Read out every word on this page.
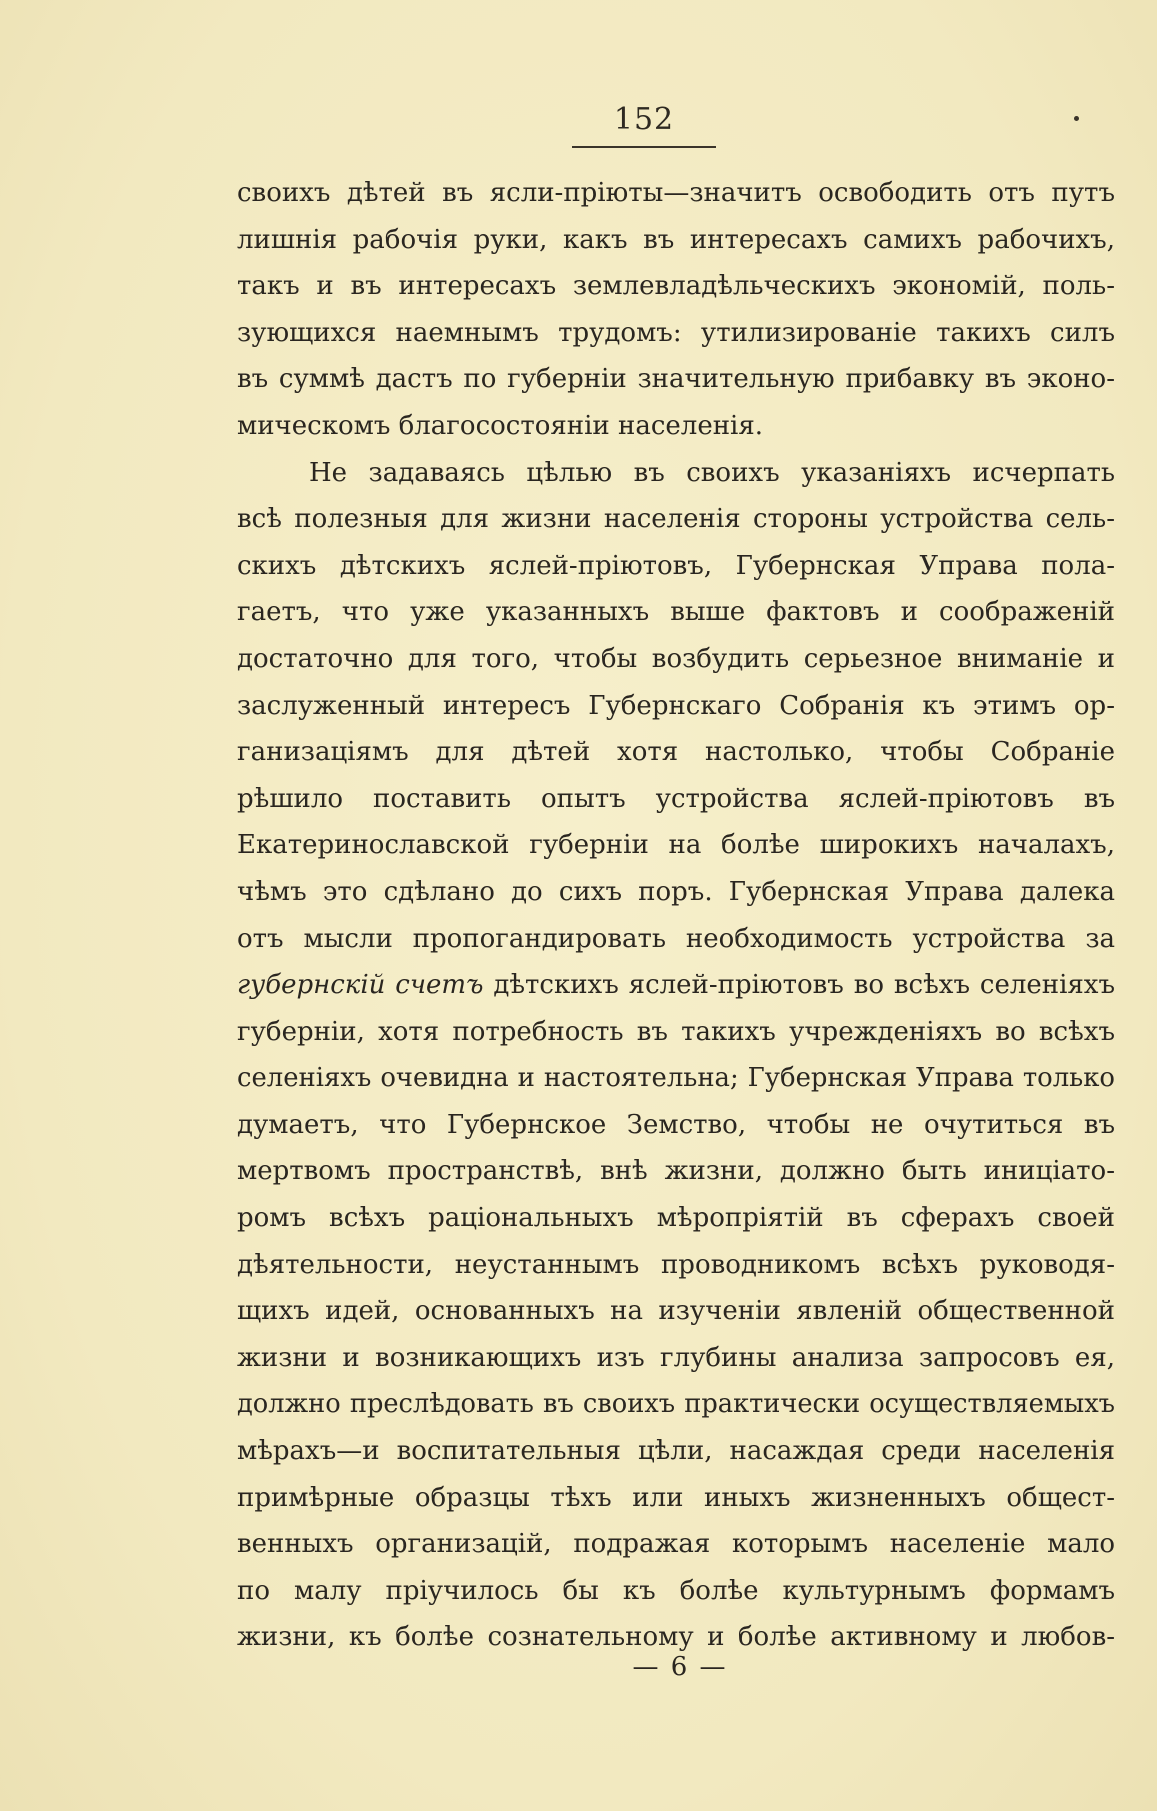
152
своихъ дѣтей въ ясли-пріюты—значитъ освободить отъ путъ
лишнія рабочія руки, какъ въ интересахъ самихъ рабочихъ,
такъ и въ интересахъ землевладѣльческихъ экономій, поль-
зующихся наемнымъ трудомъ: утилизированіе такихъ силъ
въ суммѣ дастъ по губерніи значительную прибавку въ эконо-
мическомъ благосостояніи населенія.
Не задаваясь цѣлью въ своихъ указаніяхъ исчерпать
всѣ полезныя для жизни населенія стороны устройства сель-
скихъ дѣтскихъ яслей-пріютовъ, Губернская Управа пола-
гаетъ, что уже указанныхъ выше фактовъ и соображеній
достаточно для того, чтобы возбудить серьезное вниманіе и
заслуженный интересъ Губернскаго Собранія къ этимъ ор-
ганизаціямъ для дѣтей хотя настолько, чтобы Собраніе
рѣшило поставить опытъ устройства яслей-пріютовъ въ
Екатеринославской губерніи на болѣе широкихъ началахъ,
чѣмъ это сдѣлано до сихъ поръ. Губернская Управа далека
отъ мысли пропогандировать необходимость устройства за
губернскій счетъ дѣтскихъ яслей-пріютовъ во всѣхъ селеніяхъ
губерніи, хотя потребность въ такихъ учрежденіяхъ во всѣхъ
селеніяхъ очевидна и настоятельна; Губернская Управа только
думаетъ, что Губернское Земство, чтобы не очутиться въ
мертвомъ пространствѣ, внѣ жизни, должно быть иниціато-
ромъ всѣхъ раціональныхъ мѣропріятій въ сферахъ своей
дѣятельности, неустаннымъ проводникомъ всѣхъ руководя-
щихъ идей, основанныхъ на изученіи явленій общественной
жизни и возникающихъ изъ глубины анализа запросовъ ея,
должно преслѣдовать въ своихъ практически осуществляемыхъ
мѣрахъ—и воспитательныя цѣли, насаждая среди населенія
примѣрные образцы тѣхъ или иныхъ жизненныхъ общест-
венныхъ организацій, подражая которымъ населеніе мало
по малу пріучилось бы къ болѣе культурнымъ формамъ
жизни, къ болѣе сознательному и болѣе активному и любов-
— 6 —
